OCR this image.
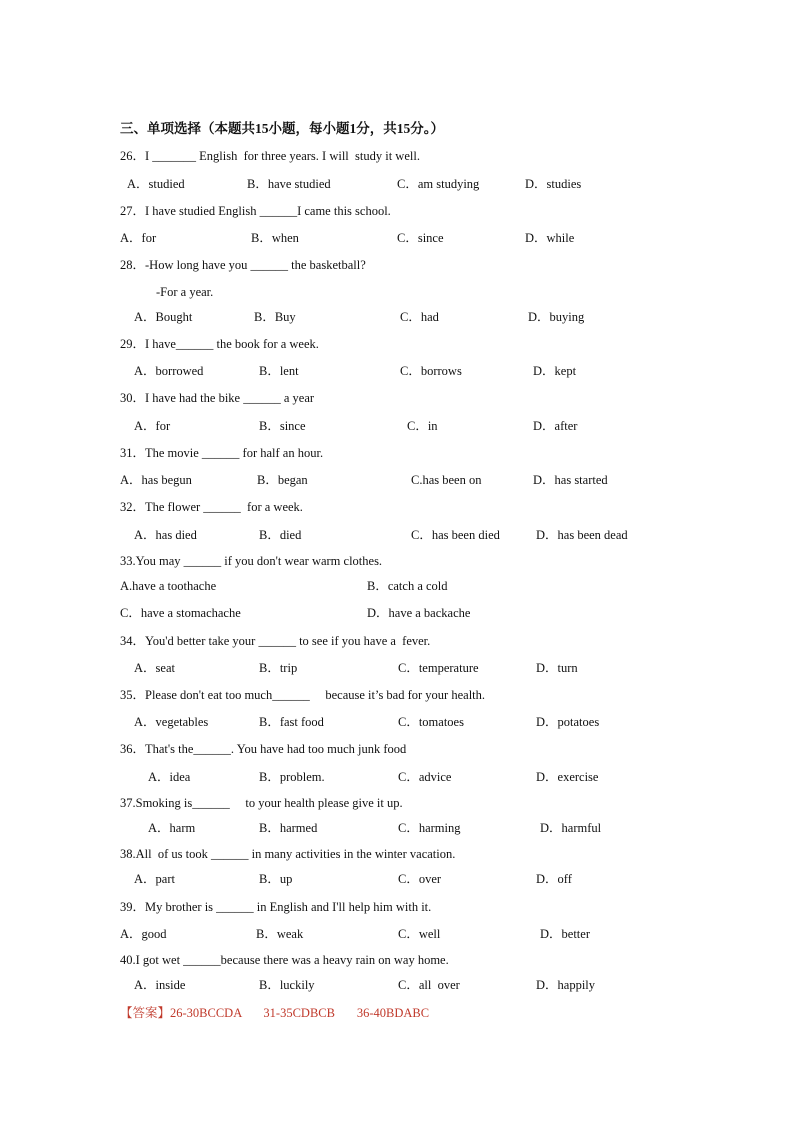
三、单项选择（本题共15小题，每小题1分，共15分。）
26．I _______ English  for three years. I will  study it well.
A．studied	B．have studied	C．am studying	D．studies
27．I have studied English ______I came this school.
A．for	B．when	C．since	D．while
28．-How long have you ______ the basketball?
-For a year.
A．Bought	B．Buy	C．had	D．buying
29．I have______ the book for a week.
A．borrowed	B．lent	C．borrows	D．kept
30．I have had the bike ______ a year
A．for	B．since	C．in	D．after
31．The movie ______ for half an hour.
A．has begun	B．began	C.has been on	D．has started
32．The flower ______  for a week.
A．has died	B．died	C．has been died	D．has been dead
33.You may ______ if you don't wear warm clothes.
A.have a toothache	B．catch a cold
C．have a stomachache	D．have a backache
34．You'd better take your ______ to see if you have a  fever.
A．seat	B．trip	C．temperature	D．turn
35．Please don't eat too much______     because it’s bad for your health.
A．vegetables	B．fast food	C．tomatoes	D．potatoes
36．That's the______. You have had too much junk food
A．idea	B．problem.	C．advice	D．exercise
37.Smoking is______     to your health please give it up.
A．harm	B．harmed	C．harming	D．harmful
38.All  of us took ______ in many activities in the winter vacation.
A．part	B．up	C．over	D．off
39．My brother is ______ in English and I'll help him with it.
A．good	B．weak	C．well	D．better
40.I got wet ______because there was a heavy rain on way home.
A．inside	B．luckily	C．all  over	D．happily
【答案】26-30BCCDA       31-35CDBCB       36-40BDABC
